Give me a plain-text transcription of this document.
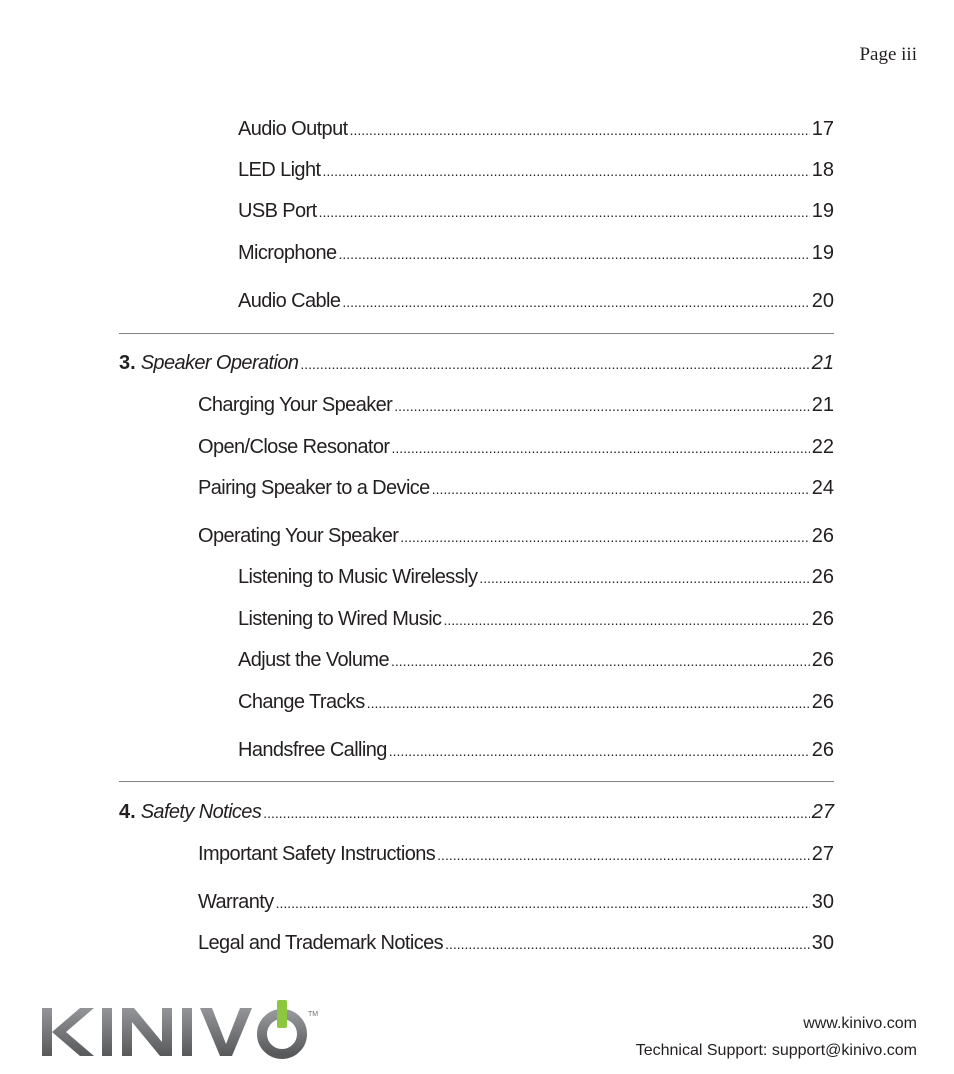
Page iii
Audio Output .....	17
LED Light .....	18
USB Port .....	19
Microphone .....	19
Audio Cable .....	20
3. Speaker Operation .....	21
Charging Your Speaker .....	21
Open/Close Resonator .....	22
Pairing Speaker to a Device .....	24
Operating Your Speaker .....	26
Listening to Music Wirelessly .....	26
Listening to Wired Music .....	26
Adjust the Volume .....	26
Change Tracks .....	26
Handsfree Calling .....	26
4. Safety Notices .....	27
Important Safety Instructions .....	27
Warranty .....	30
Legal and Trademark Notices .....	30
TM
www.kinivo.com
Technical Support: support@kinivo.com
